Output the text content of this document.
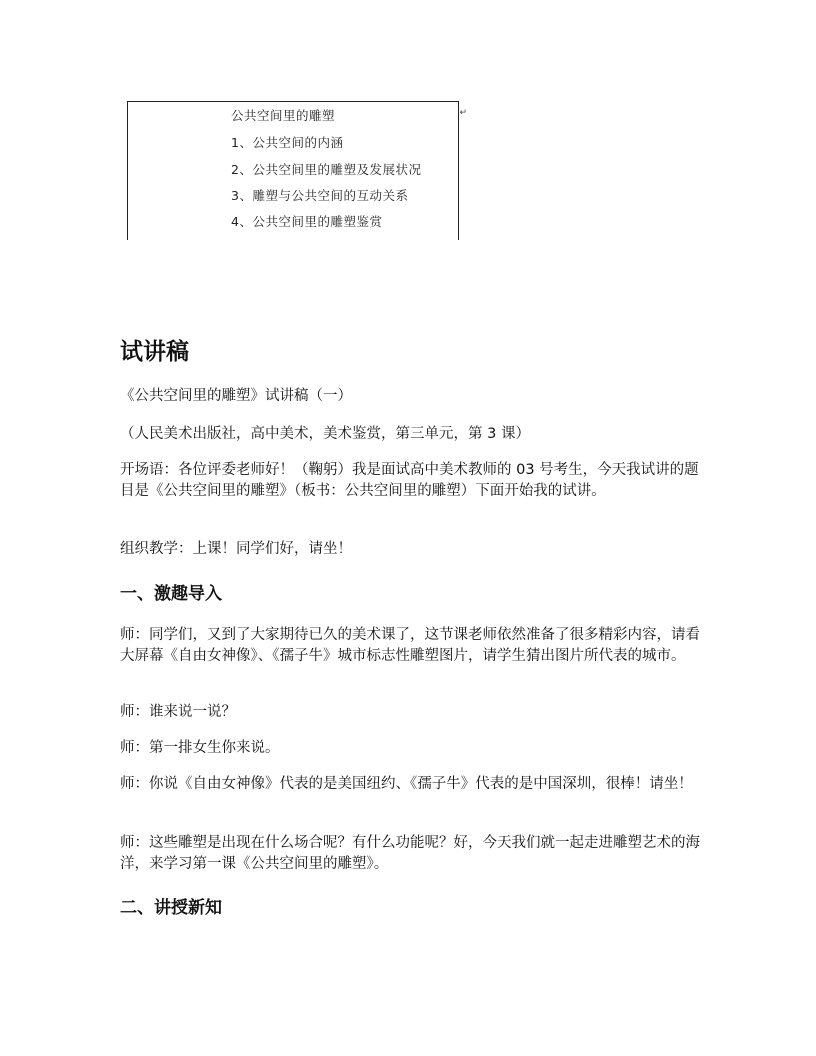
公共空间里的雕塑
1、公共空间的内涵
2、公共空间里的雕塑及发展状况
3、雕塑与公共空间的互动关系
4、公共空间里的雕塑鉴赏
↵
试讲稿

《公共空间里的雕塑》试讲稿（一）

（人民美术出版社，高中美术，美术鉴赏，第三单元，第 3 课）

开场语：各位评委老师好！（鞠躬）我是面试高中美术教师的 03 号考生，今天我试讲的题目是《公共空间里的雕塑》（板书：公共空间里的雕塑）下面开始我的试讲。

组织教学：上课！同学们好，请坐！

一、激趣导入

师：同学们，又到了大家期待已久的美术课了，这节课老师依然准备了很多精彩内容，请看大屏幕《自由女神像》、《孺子牛》城市标志性雕塑图片，请学生猜出图片所代表的城市。

师：谁来说一说？

师：第一排女生你来说。

师：你说《自由女神像》代表的是美国纽约、《孺子牛》代表的是中国深圳，很棒！请坐！

师：这些雕塑是出现在什么场合呢？有什么功能呢？好，今天我们就一起走进雕塑艺术的海洋，来学习第一课《公共空间里的雕塑》。

二、讲授新知
